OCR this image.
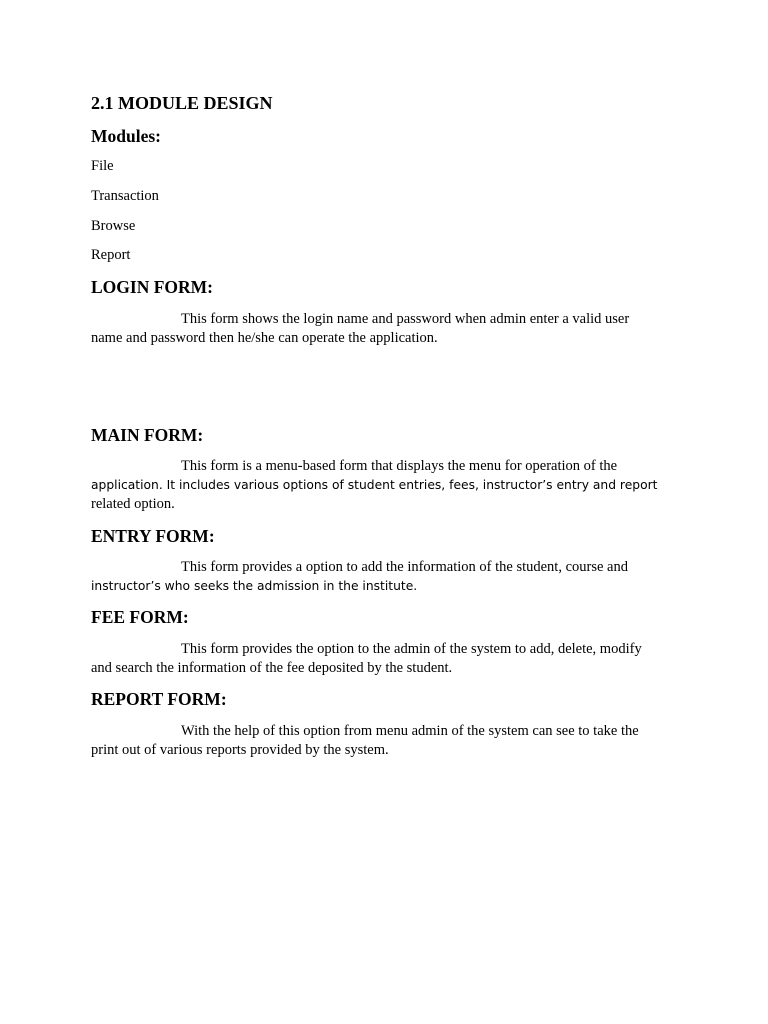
2.1 MODULE DESIGN
Modules:
File
Transaction
Browse
Report
LOGIN FORM:
This form shows the login name and password when admin enter a valid user
name and password then he/she can operate the application.
MAIN FORM:
This form is a menu-based form that displays the menu for operation of the
application. It includes various options of student entries, fees, instructor’s entry and report
related option.
ENTRY FORM:
This form provides a option to add the information of the student, course and
instructor’s who seeks the admission in the institute.
FEE FORM:
This form provides the option to the admin of the system to add, delete, modify
and search the information of the fee deposited by the student.
REPORT FORM:
With the help of this option from menu admin of the system can see to take the
print out of various reports provided by the system.
